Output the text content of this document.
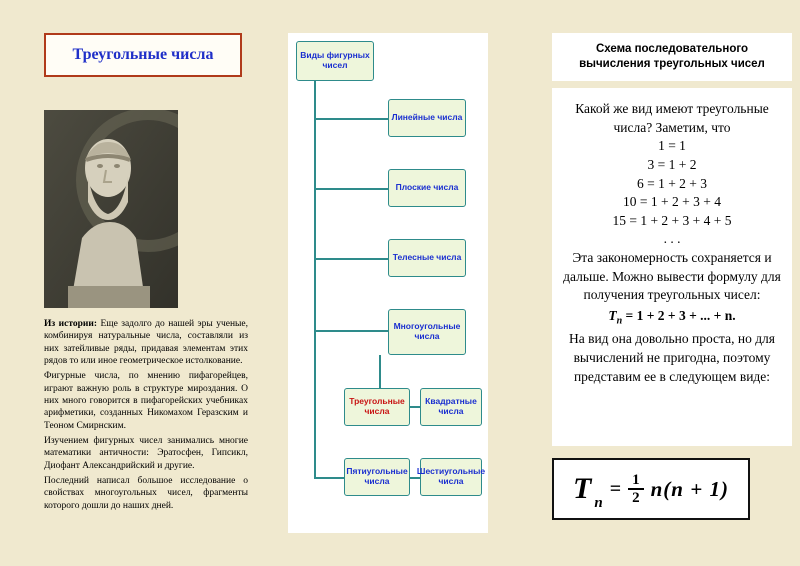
Треугольные числа

Из истории: Еще задолго до нашей эры ученые, комбинируя натуральные числа, составляли из них затейливые ряды, придавая элементам этих рядов то или иное геометрическое истолкование.

Фигурные числа, по мнению пифагорейцев, играют важную роль в структуре мироздания. О них много говорится в пифагорейских учебниках арифметики, созданных Никомахом Геразским и Теоном Смирнским.

Изучением фигурных чисел занимались многие математики античности: Эратосфен, Гипсикл, Диофант Александрийский и другие.

Последний написал большое исследование о свойствах многоугольных чисел, фрагменты которого дошли до наших дней.

Виды фигурных чисел
Линейные числа
Плоские числа
Телесные числа
Многоугольные числа
Треугольные числа
Квадратные числа
Пятиугольные числа
Шестиугольные числа
Схема последовательного вычисления треугольных чисел
Какой же вид имеют треугольные числа? Заметим, что
1 = 1
3 = 1 + 2
6 = 1 + 2 + 3
10 = 1 + 2 + 3 + 4
15 = 1 + 2 + 3 + 4 + 5
. . .
Эта закономерность сохраняется и дальше. Можно вывести формулу для получения треугольных чисел:
$Т_n = 1 + 2 + 3$ + ... + n.
На вид она довольно проста, но для вычислений не пригодна, поэтому представим ее в следующем виде:
T n
= $\frac{1}{2} n(n + 1)$
